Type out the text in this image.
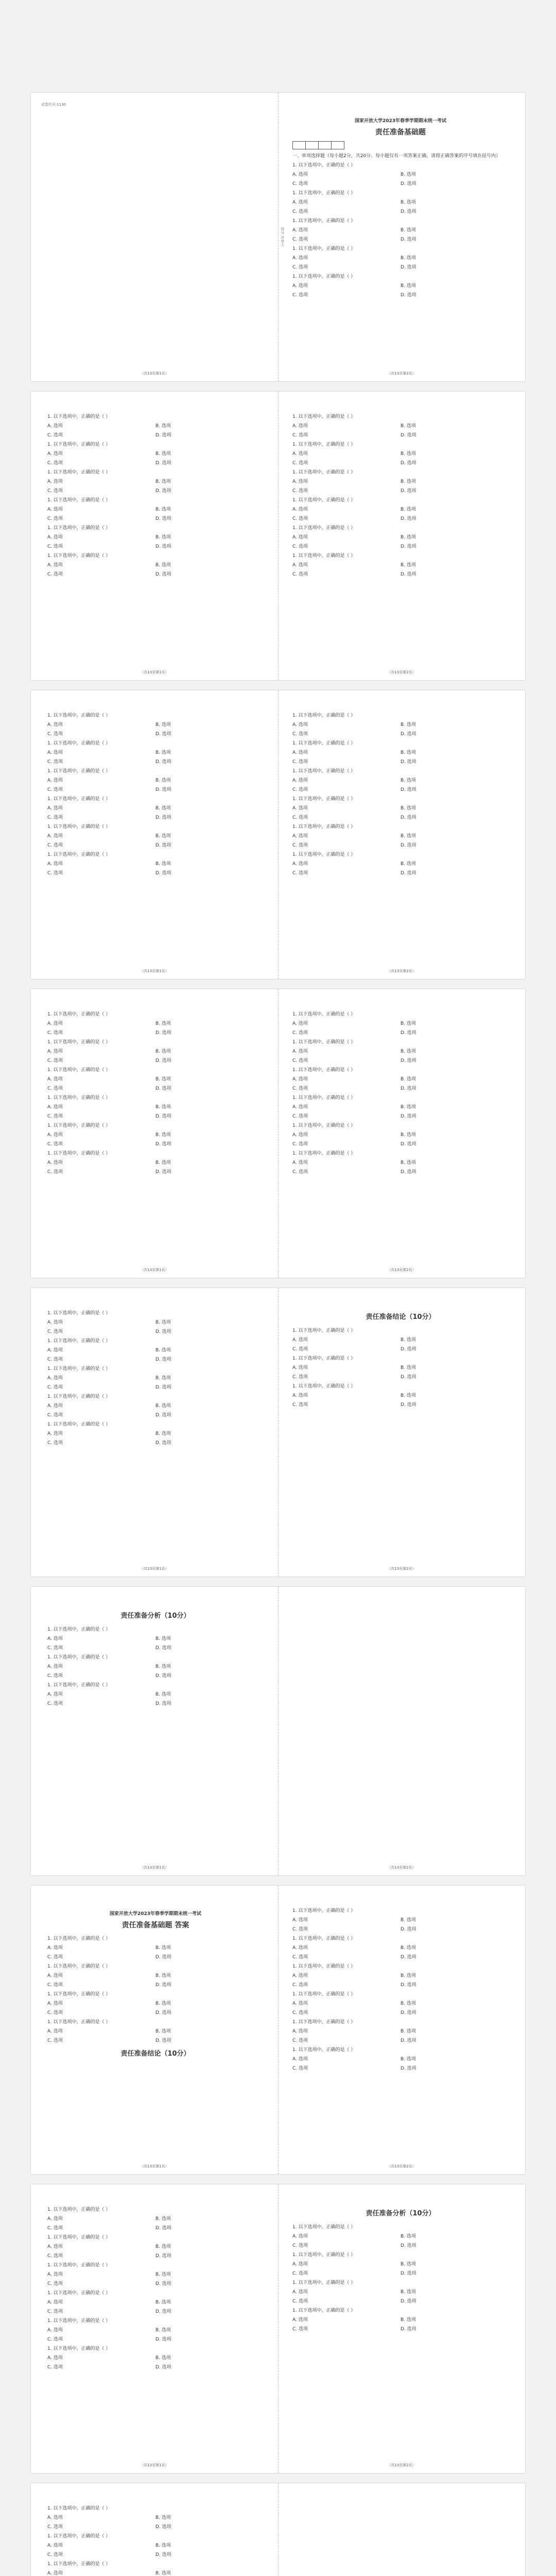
试卷代号:1130
得分 评卷人
国家开放大学2023年春季学期期末统一考试
责任准备基础题

一、单项选择题（每小题2分，共20分。每小题仅有一项答案正确，请将正确答案的序号填在括号内）
1. 以下选项中，正确的是（ ）
A. 选项	B. 选项
C. 选项	D. 选项
1. 以下选项中，正确的是（ ）
A. 选项	B. 选项
C. 选项	D. 选项
1. 以下选项中，正确的是（ ）
A. 选项	B. 选项
C. 选项	D. 选项
1. 以下选项中，正确的是（ ）
A. 选项	B. 选项
C. 选项	D. 选项
1. 以下选项中，正确的是（ ）
A. 选项	B. 选项
C. 选项	D. 选项
（共13页第1页）	（共13页第2页）
1. 以下选项中，正确的是（ ）
A. 选项	B. 选项
C. 选项	D. 选项
1. 以下选项中，正确的是（ ）
A. 选项	B. 选项
C. 选项	D. 选项
1. 以下选项中，正确的是（ ）
A. 选项	B. 选项
C. 选项	D. 选项
1. 以下选项中，正确的是（ ）
A. 选项	B. 选项
C. 选项	D. 选项
1. 以下选项中，正确的是（ ）
A. 选项	B. 选项
C. 选项	D. 选项
1. 以下选项中，正确的是（ ）
A. 选项	B. 选项
C. 选项	D. 选项
1. 以下选项中，正确的是（ ）
A. 选项	B. 选项
C. 选项	D. 选项
1. 以下选项中，正确的是（ ）
A. 选项	B. 选项
C. 选项	D. 选项
1. 以下选项中，正确的是（ ）
A. 选项	B. 选项
C. 选项	D. 选项
1. 以下选项中，正确的是（ ）
A. 选项	B. 选项
C. 选项	D. 选项
1. 以下选项中，正确的是（ ）
A. 选项	B. 选项
C. 选项	D. 选项
1. 以下选项中，正确的是（ ）
A. 选项	B. 选项
C. 选项	D. 选项
（共13页第1页）	（共13页第2页）
1. 以下选项中，正确的是（ ）
A. 选项	B. 选项
C. 选项	D. 选项
1. 以下选项中，正确的是（ ）
A. 选项	B. 选项
C. 选项	D. 选项
1. 以下选项中，正确的是（ ）
A. 选项	B. 选项
C. 选项	D. 选项
1. 以下选项中，正确的是（ ）
A. 选项	B. 选项
C. 选项	D. 选项
1. 以下选项中，正确的是（ ）
A. 选项	B. 选项
C. 选项	D. 选项
1. 以下选项中，正确的是（ ）
A. 选项	B. 选项
C. 选项	D. 选项
1. 以下选项中，正确的是（ ）
A. 选项	B. 选项
C. 选项	D. 选项
1. 以下选项中，正确的是（ ）
A. 选项	B. 选项
C. 选项	D. 选项
1. 以下选项中，正确的是（ ）
A. 选项	B. 选项
C. 选项	D. 选项
1. 以下选项中，正确的是（ ）
A. 选项	B. 选项
C. 选项	D. 选项
1. 以下选项中，正确的是（ ）
A. 选项	B. 选项
C. 选项	D. 选项
1. 以下选项中，正确的是（ ）
A. 选项	B. 选项
C. 选项	D. 选项
（共13页第1页）	（共13页第2页）
1. 以下选项中，正确的是（ ）
A. 选项	B. 选项
C. 选项	D. 选项
1. 以下选项中，正确的是（ ）
A. 选项	B. 选项
C. 选项	D. 选项
1. 以下选项中，正确的是（ ）
A. 选项	B. 选项
C. 选项	D. 选项
1. 以下选项中，正确的是（ ）
A. 选项	B. 选项
C. 选项	D. 选项
1. 以下选项中，正确的是（ ）
A. 选项	B. 选项
C. 选项	D. 选项
1. 以下选项中，正确的是（ ）
A. 选项	B. 选项
C. 选项	D. 选项
1. 以下选项中，正确的是（ ）
A. 选项	B. 选项
C. 选项	D. 选项
1. 以下选项中，正确的是（ ）
A. 选项	B. 选项
C. 选项	D. 选项
1. 以下选项中，正确的是（ ）
A. 选项	B. 选项
C. 选项	D. 选项
1. 以下选项中，正确的是（ ）
A. 选项	B. 选项
C. 选项	D. 选项
1. 以下选项中，正确的是（ ）
A. 选项	B. 选项
C. 选项	D. 选项
1. 以下选项中，正确的是（ ）
A. 选项	B. 选项
C. 选项	D. 选项
（共13页第1页）	（共13页第2页）
1. 以下选项中，正确的是（ ）
A. 选项	B. 选项
C. 选项	D. 选项
1. 以下选项中，正确的是（ ）
A. 选项	B. 选项
C. 选项	D. 选项
1. 以下选项中，正确的是（ ）
A. 选项	B. 选项
C. 选项	D. 选项
1. 以下选项中，正确的是（ ）
A. 选项	B. 选项
C. 选项	D. 选项
1. 以下选项中，正确的是（ ）
A. 选项	B. 选项
C. 选项	D. 选项
责任准备结论（10分）
1. 以下选项中，正确的是（ ）
A. 选项	B. 选项
C. 选项	D. 选项
1. 以下选项中，正确的是（ ）
A. 选项	B. 选项
C. 选项	D. 选项
1. 以下选项中，正确的是（ ）
A. 选项	B. 选项
C. 选项	D. 选项
（共13页第1页）	（共13页第2页）
责任准备分析（10分）
1. 以下选项中，正确的是（ ）
A. 选项	B. 选项
C. 选项	D. 选项
1. 以下选项中，正确的是（ ）
A. 选项	B. 选项
C. 选项	D. 选项
1. 以下选项中，正确的是（ ）
A. 选项	B. 选项
C. 选项	D. 选项
（共13页第1页）	（共13页第2页）
国家开放大学2023年春季学期期末统一考试
责任准备基础题 答案
1. 以下选项中，正确的是（ ）
A. 选项	B. 选项
C. 选项	D. 选项
1. 以下选项中，正确的是（ ）
A. 选项	B. 选项
C. 选项	D. 选项
1. 以下选项中，正确的是（ ）
A. 选项	B. 选项
C. 选项	D. 选项
1. 以下选项中，正确的是（ ）
A. 选项	B. 选项
C. 选项	D. 选项
责任准备结论（10分）
1. 以下选项中，正确的是（ ）
A. 选项	B. 选项
C. 选项	D. 选项
1. 以下选项中，正确的是（ ）
A. 选项	B. 选项
C. 选项	D. 选项
1. 以下选项中，正确的是（ ）
A. 选项	B. 选项
C. 选项	D. 选项
1. 以下选项中，正确的是（ ）
A. 选项	B. 选项
C. 选项	D. 选项
1. 以下选项中，正确的是（ ）
A. 选项	B. 选项
C. 选项	D. 选项
1. 以下选项中，正确的是（ ）
A. 选项	B. 选项
C. 选项	D. 选项
（共13页第1页）	（共13页第2页）
1. 以下选项中，正确的是（ ）
A. 选项	B. 选项
C. 选项	D. 选项
1. 以下选项中，正确的是（ ）
A. 选项	B. 选项
C. 选项	D. 选项
1. 以下选项中，正确的是（ ）
A. 选项	B. 选项
C. 选项	D. 选项
1. 以下选项中，正确的是（ ）
A. 选项	B. 选项
C. 选项	D. 选项
1. 以下选项中，正确的是（ ）
A. 选项	B. 选项
C. 选项	D. 选项
1. 以下选项中，正确的是（ ）
A. 选项	B. 选项
C. 选项	D. 选项
责任准备分析（10分）
1. 以下选项中，正确的是（ ）
A. 选项	B. 选项
C. 选项	D. 选项
1. 以下选项中，正确的是（ ）
A. 选项	B. 选项
C. 选项	D. 选项
1. 以下选项中，正确的是（ ）
A. 选项	B. 选项
C. 选项	D. 选项
1. 以下选项中，正确的是（ ）
A. 选项	B. 选项
C. 选项	D. 选项
（共13页第1页）	（共13页第2页）
1. 以下选项中，正确的是（ ）
A. 选项	B. 选项
C. 选项	D. 选项
1. 以下选项中，正确的是（ ）
A. 选项	B. 选项
C. 选项	D. 选项
1. 以下选项中，正确的是（ ）
A. 选项	B. 选项
